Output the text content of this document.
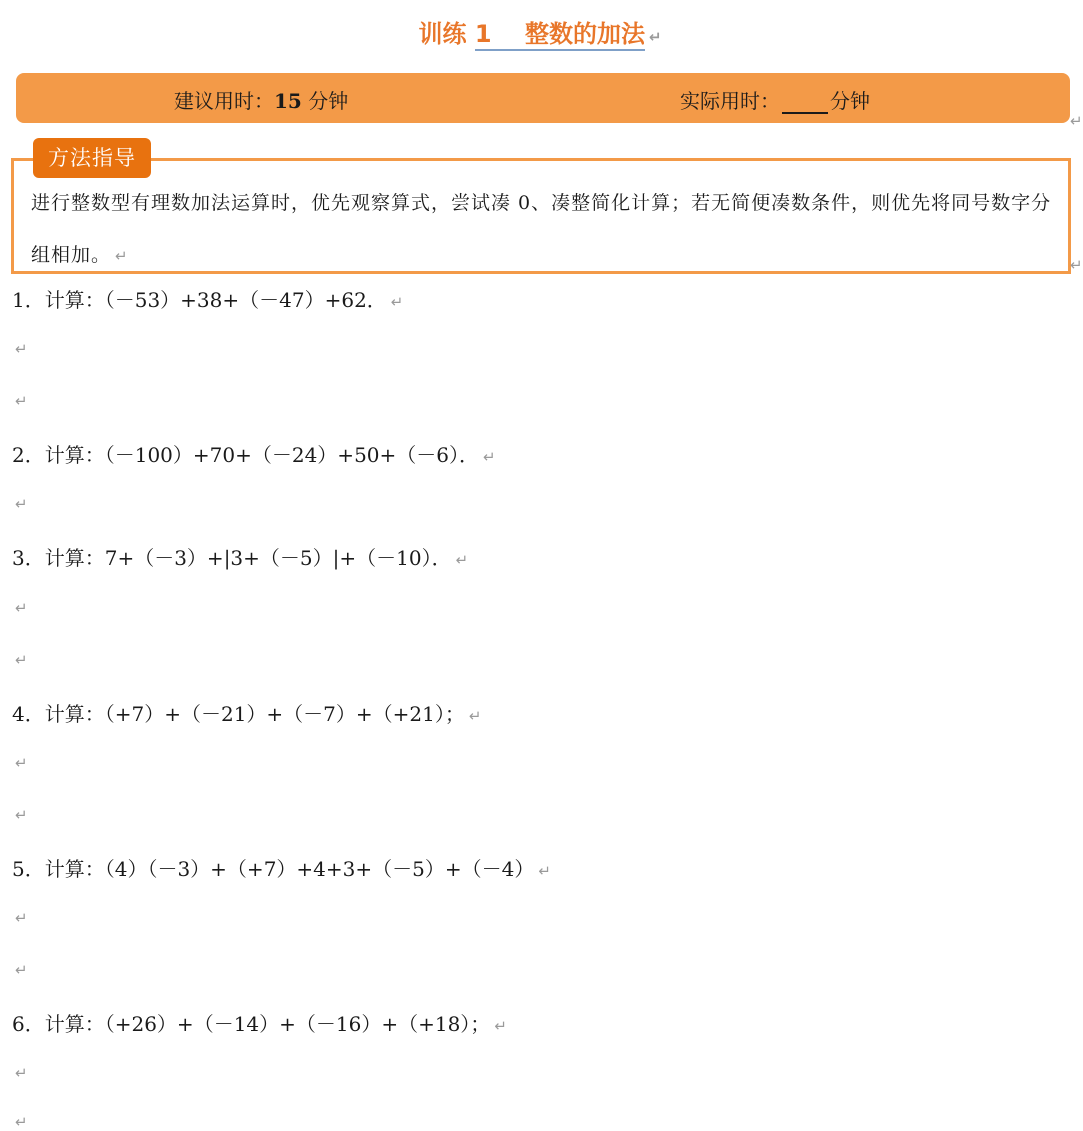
训练 1 整数的加法 ↵
建议用时：15 分钟	实际用时：	分钟
↵
方法指导
进行整数型有理数加法运算时，优先观察算式，尝试凑 0、凑整简化计算；若无简便凑数条件，则优先将同号数字分组相加。 ↵	↵
1．计算：（－53）+38+（－47）+62． ↵
↵
↵
2．计算：（－100）+70+（－24）+50+（－6）． ↵
↵
3．计算：7+（－3）+|3+（－5）|+（－10）． ↵
↵
↵
4．计算：（+7）+（－21）+（－7）+（+21）； ↵
↵
↵
5．计算：（4）（－3）+（+7）+4+3+（－5）+（－4） ↵
↵
↵
6．计算：（+26）+（－14）+（－16）+（+18）； ↵
↵
↵
